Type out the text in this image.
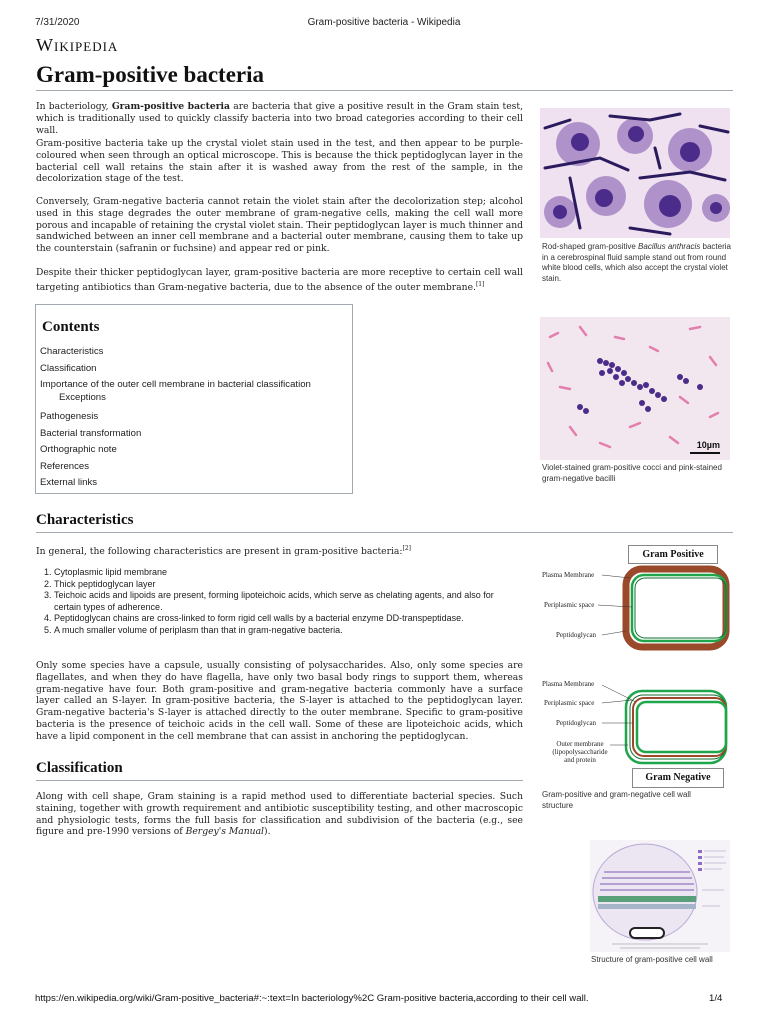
7/31/2020	Gram-positive bacteria - Wikipedia
Wikipedia
Gram-positive bacteria

In bacteriology, Gram-positive bacteria are bacteria that give a positive result in the Gram stain test, which is traditionally used to quickly classify bacteria into two broad categories according to their cell wall.

Gram-positive bacteria take up the crystal violet stain used in the test, and then appear to be purple-coloured when seen through an optical microscope. This is because the thick peptidoglycan layer in the bacterial cell wall retains the stain after it is washed away from the rest of the sample, in the decolorization stage of the test.

Conversely, Gram-negative bacteria cannot retain the violet stain after the decolorization step; alcohol used in this stage degrades the outer membrane of gram-negative cells, making the cell wall more porous and incapable of retaining the crystal violet stain. Their peptidoglycan layer is much thinner and sandwiched between an inner cell membrane and a bacterial outer membrane, causing them to take up the counterstain (safranin or fuchsine) and appear red or pink.

Despite their thicker peptidoglycan layer, gram-positive bacteria are more receptive to certain cell wall targeting antibiotics than Gram-negative bacteria, due to the absence of the outer membrane.[1]

Contents
Characteristics
Classification
Importance of the outer cell membrane in bacterial classification
Exceptions
Pathogenesis
Bacterial transformation
Orthographic note
References
External links
Characteristics

In general, the following characteristics are present in gram-positive bacteria:[2]

1. Cytoplasmic lipid membrane
2. Thick peptidoglycan layer
3. Teichoic acids and lipoids are present, forming lipoteichoic acids, which serve as chelating agents, and also for certain types of adherence.
4. Peptidoglycan chains are cross-linked to form rigid cell walls by a bacterial enzyme DD-transpeptidase.
5. A much smaller volume of periplasm than that in gram-negative bacteria.

Only some species have a capsule, usually consisting of polysaccharides. Also, only some species are flagellates, and when they do have flagella, have only two basal body rings to support them, whereas gram-negative have four. Both gram-positive and gram-negative bacteria commonly have a surface layer called an S-layer. In gram-positive bacteria, the S-layer is attached to the peptidoglycan layer. Gram-negative bacteria's S-layer is attached directly to the outer membrane. Specific to gram-positive bacteria is the presence of teichoic acids in the cell wall. Some of these are lipoteichoic acids, which have a lipid component in the cell membrane that can assist in anchoring the peptidoglycan.

Classification

Along with cell shape, Gram staining is a rapid method used to differentiate bacterial species. Such staining, together with growth requirement and antibiotic susceptibility testing, and other macroscopic and physiologic tests, forms the full basis for classification and subdivision of the bacteria (e.g., see figure and pre-1990 versions of Bergey's Manual).

Rod-shaped gram-positive Bacillus anthracis bacteria in a cerebrospinal fluid sample stand out from round white blood cells, which also accept the crystal violet stain.
10µm
Violet-stained gram-positive cocci and pink-stained gram-negative bacilli
Gram Positive
Plasma Membrane
Periplasmic space
Peptidoglycan
Plasma Membrane
Periplasmic space
Peptidoglycan
Outer membrane
(lipopolysaccharide
and protein
Gram Negative
Gram-positive and gram-negative cell wall structure
Structure of gram-positive cell wall
https://en.wikipedia.org/wiki/Gram-positive_bacteria#:~:text=In bacteriology%2C Gram-positive bacteria,according to their cell wall.	1/4
